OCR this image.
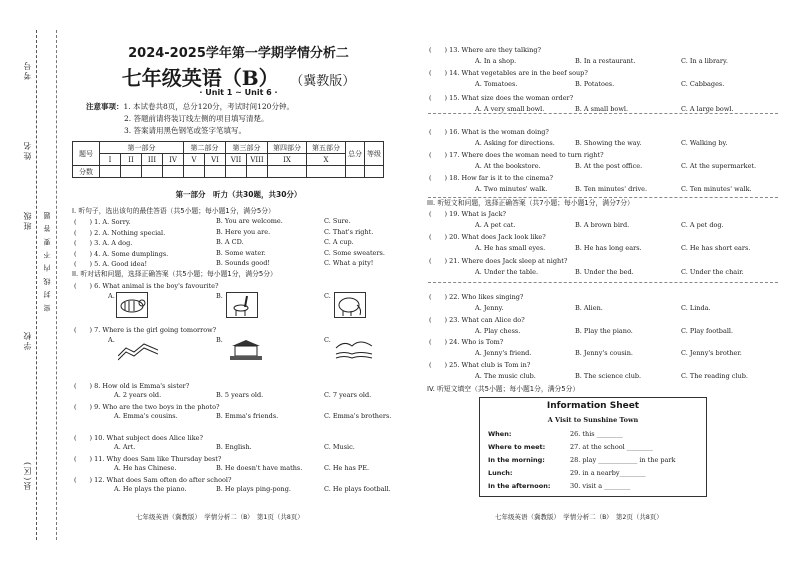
考号
姓名
班级
学校
县(区)
密 封 线 内 不 要 答 题
2024-2025学年第一学期学情分析二
七年级英语（B） （冀教版）
· Unit 1 ~ Unit 6 ·
注意事项：1. 本试卷共8页，总分120分，考试时间120分钟。
2. 答题前请将装订线左侧的项目填写清楚。
3. 答案请用黑色钢笔或签字笔填写。
题号	第一部分				第二部分		第三部分		第四部分	第五部分	总分	等级
	I	II	III	IV	V	VI	VII	VIII	IX	X		
分数												
第一部分　听力（共30题，共30分）
I. 听句子，选出该句的最佳答语（共5小题；每小题1分，满分5分）
(　　) 1. A. Sorry.	B. You are welcome.	C. Sure.
(　　) 2. A. Nothing special.	B. Here you are.	C. That's right.
(　　) 3. A. A dog.	B. A CD.	C. A cup.
(　　) 4. A. Some dumplings.	B. Some water.	C. Some sweaters.
(　　) 5. A. Good idea!	B. Sounds good!	C. What a pity!
II. 听对话和问题，选择正确答案（共5小题；每小题1分，满分5分）
(　　) 6. What animal is the boy's favourite?
A.	B.	C.
(　　) 7. Where is the girl going tomorrow?
A.	B.	C.
(　　) 8. How old is Emma's sister?
A. 2 years old.	B. 5 years old.	C. 7 years old.
(　　) 9. Who are the two boys in the photo?
A. Emma's cousins.	B. Emma's friends.	C. Emma's brothers.
(　　) 10. What subject does Alice like?
A. Art.	B. English.	C. Music.
(　　) 11. Why does Sam like Thursday best?
A. He has Chinese.	B. He doesn't have maths.	C. He has PE.
(　　) 12. What does Sam often do after school?
A. He plays the piano.	B. He plays ping-pong.	C. He plays football.
七年级英语（冀教版）　学情分析二（B）　第1页（共8页）
(　　) 13. Where are they talking?
A. In a shop.	B. In a restaurant.	C. In a library.
(　　) 14. What vegetables are in the beef soup?
A. Tomatoes.	B. Potatoes.	C. Cabbages.
(　　) 15. What size does the woman order?
A. A very small bowl.	B. A small bowl.	C. A large bowl.
(　　) 16. What is the woman doing?
A. Asking for directions.	B. Showing the way.	C. Walking by.
(　　) 17. Where does the woman need to turn right?
A. At the bookstore.	B. At the post office.	C. At the supermarket.
(　　) 18. How far is it to the cinema?
A. Two minutes' walk.	B. Ten minutes' drive.	C. Ten minutes' walk.
III. 听短文和问题，选择正确答案（共7小题；每小题1分，满分7分）
(　　) 19. What is Jack?
A. A pet cat.	B. A brown bird.	C. A pet dog.
(　　) 20. What does Jack look like?
A. He has small eyes.	B. He has long ears.	C. He has short ears.
(　　) 21. Where does Jack sleep at night?
A. Under the table.	B. Under the bed.	C. Under the chair.
(　　) 22. Who likes singing?
A. Jenny.	B. Alien.	C. Linda.
(　　) 23. What can Alice do?
A. Play chess.	B. Play the piano.	C. Play football.
(　　) 24. Who is Tom?
A. Jenny's friend.	B. Jenny's cousin.	C. Jenny's brother.
(　　) 25. What club is Tom in?
A. The music club.	B. The science club.	C. The reading club.
IV. 听短文填空（共5小题；每小题1分，满分5分）
Information Sheet
A Visit to Sunshine Town
When:	26. this ________
Where to meet:	27. at the school ________
In the morning:	28. play ____________ in the park
Lunch:	29. in a nearby________
In the afternoon:	30. visit a ________
七年级英语（冀教版）　学情分析二（B）　第2页（共8页）
